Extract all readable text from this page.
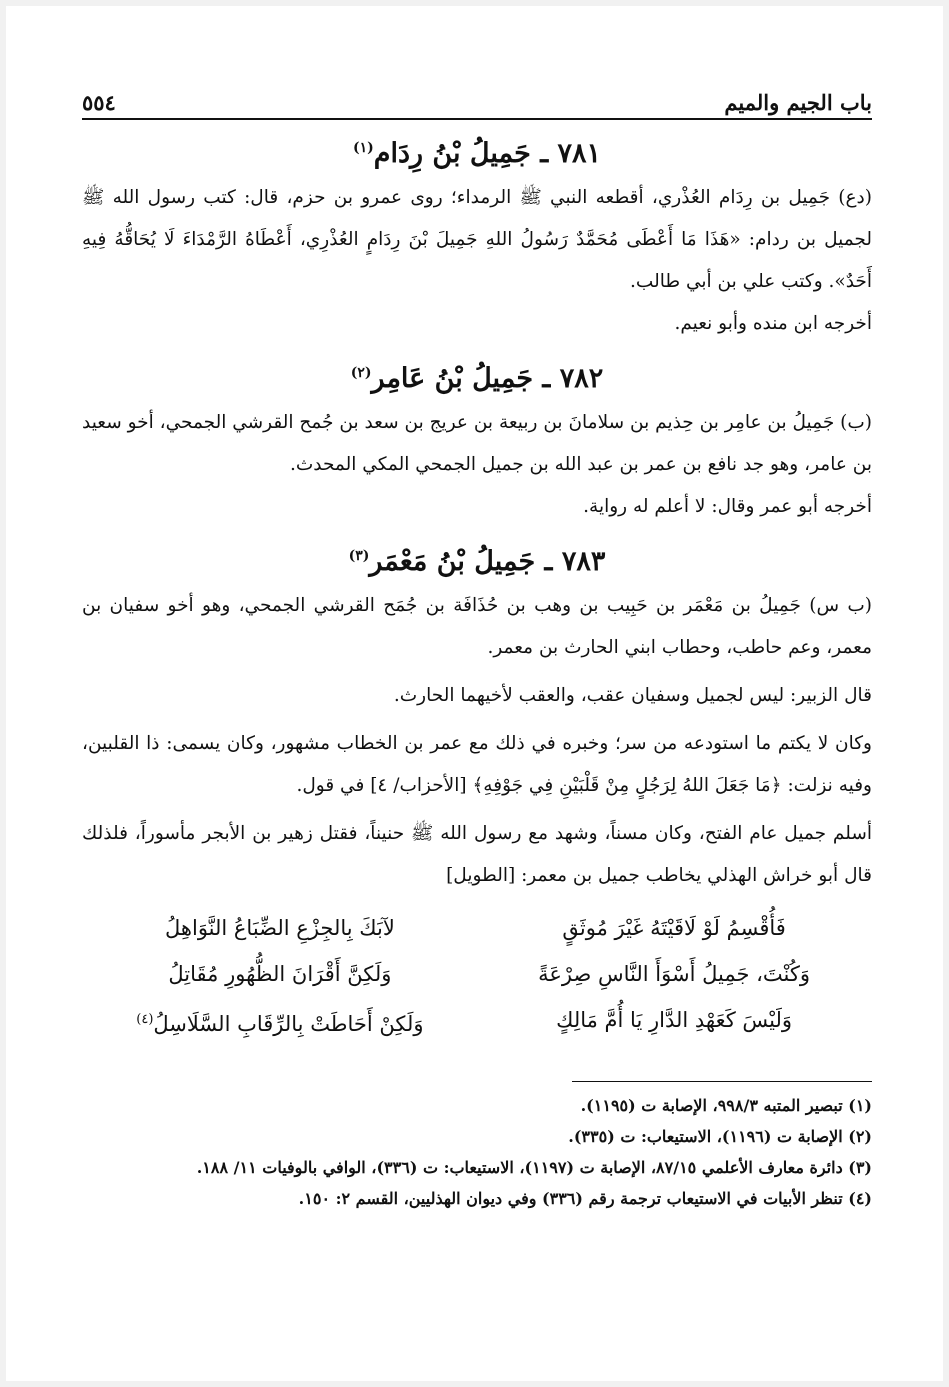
باب الجيم والميم
٥٥٤
٧٨١ ـ جَمِيلُ بْنُ رِدَام$^{(١)}$

(دع) جَمِيل بن رِدَام العُذْري، أقطعه النبي ﷺ الرمداء؛ روى عمرو بن حزم، قال: كتب رسول الله ﷺ لجميل بن ردام: «هَذَا مَا أَعْطَى مُحَمَّدٌ رَسُولُ اللهِ جَمِيلَ بْنَ رِدَامٍ العُذْرِي، أَعْطَاهُ الرَّمْدَاءَ لَا يُحَاقُّهُ فِيهِ أَحَدٌ». وكتب علي بن أبي طالب.

أخرجه ابن منده وأبو نعيم.

٧٨٢ ـ جَمِيلُ بْنُ عَامِر$^{(٢)}$

(ب) جَمِيلُ بن عامِر بن حِذيم بن سلامانَ بن ربيعة بن عريج بن سعد بن جُمح القرشي الجمحي، أخو سعيد بن عامر، وهو جد نافع بن عمر بن عبد الله بن جميل الجمحي المكي المحدث.

أخرجه أبو عمر وقال: لا أعلم له رواية.

٧٨٣ ـ جَمِيلُ بْنُ مَعْمَر$^{(٣)}$

(ب س) جَمِيلُ بن مَعْمَر بن حَبِيب بن وهب بن حُذَافَة بن جُمَح القرشي الجمحي، وهو أخو سفيان بن معمر، وعم حاطب، وحطاب ابني الحارث بن معمر.

قال الزبير: ليس لجميل وسفيان عقب، والعقب لأخيهما الحارث.

وكان لا يكتم ما استودعه من سر؛ وخبره في ذلك مع عمر بن الخطاب مشهور، وكان يسمى: ذا القلبين، وفيه نزلت: ﴿مَا جَعَلَ اللهُ لِرَجُلٍ مِنْ قَلْبَيْنِ فِي جَوْفِهِ﴾ [الأحزاب/ ٤] في قول.

أسلم جميل عام الفتح، وكان مسناً، وشهد مع رسول الله ﷺ حنيناً، فقتل زهير بن الأبجر مأسوراً، فلذلك قال أبو خراش الهذلي يخاطب جميل بن معمر: [الطويل]

فَأُقْسِمُ لَوْ لَاقَيْتَهُ غَيْرَ مُوثَقٍ
لآبَكَ بِالجِزْعِ الضِّبَاعُ النَّوَاهِلُ
وَكُنْتَ، جَمِيلُ أَسْوَأَ النَّاسِ صِرْعَةً
وَلَكِنَّ أَقْرَانَ الظُّهُورِ مُقَاتِلُ
وَلَيْسَ كَعَهْدِ الدَّارِ يَا أُمَّ مَالِكٍ
وَلَكِنْ أَحَاطَتْ بِالرِّقَابِ السَّلَاسِلُ$^{(٤)}$

(١) تبصير المتبه ٩٩٨/٣، الإصابة ت (١١٩٥).

(٢) الإصابة ت (١١٩٦)، الاستيعاب: ت (٣٣٥).

(٣) دائرة معارف الأعلمي ٨٧/١٥، الإصابة ت (١١٩٧)، الاستيعاب: ت (٣٣٦)، الوافي بالوفيات ١١/ ١٨٨.

(٤) تنظر الأبيات في الاستيعاب ترجمة رقم (٣٣٦) وفي ديوان الهذليين، القسم ٢: ١٥٠.
